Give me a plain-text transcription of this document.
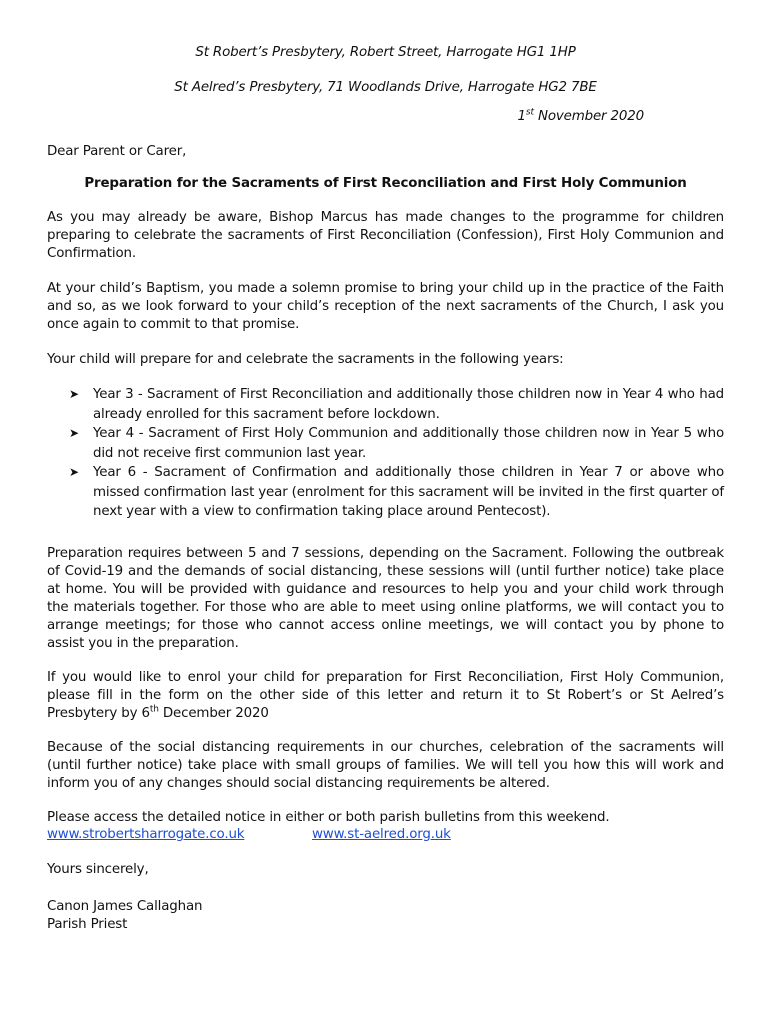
St Robert’s Presbytery, Robert Street, Harrogate HG1 1HP

St Aelred’s Presbytery, 71 Woodlands Drive, Harrogate HG2 7BE

1st November 2020

Dear Parent or Carer,

Preparation for the Sacraments of First Reconciliation and First Holy Communion

As you may already be aware, Bishop Marcus has made changes to the programme for children preparing to celebrate the sacraments of First Reconciliation (Confession), First Holy Communion and Confirmation.

At your child’s Baptism, you made a solemn promise to bring your child up in the practice of the Faith and so, as we look forward to your child’s reception of the next sacraments of the Church, I ask you once again to commit to that promise.

Your child will prepare for and celebrate the sacraments in the following years:

➤ Year 3 - Sacrament of First Reconciliation and additionally those children now in Year 4 who had already enrolled for this sacrament before lockdown.
➤ Year 4 - Sacrament of First Holy Communion and additionally those children now in Year 5 who did not receive first communion last year.
➤ Year 6 - Sacrament of Confirmation and additionally those children in Year 7 or above who missed confirmation last year (enrolment for this sacrament will be invited in the first quarter of next year with a view to confirmation taking place around Pentecost).

Preparation requires between 5 and 7 sessions, depending on the Sacrament. Following the outbreak of Covid-19 and the demands of social distancing, these sessions will (until further notice) take place at home. You will be provided with guidance and resources to help you and your child work through the materials together. For those who are able to meet using online platforms, we will contact you to arrange meetings; for those who cannot access online meetings, we will contact you by phone to assist you in the preparation.

If you would like to enrol your child for preparation for First Reconciliation, First Holy Communion, please fill in the form on the other side of this letter and return it to St Robert’s or St Aelred’s Presbytery by 6th December 2020

Because of the social distancing requirements in our churches, celebration of the sacraments will (until further notice) take place with small groups of families. We will tell you how this will work and inform you of any changes should social distancing requirements be altered.

Please access the detailed notice in either or both parish bulletins from this weekend.

www.strobertsharrogate.co.uk	www.st-aelred.org.uk

Yours sincerely,

Canon James Callaghan

Parish Priest
